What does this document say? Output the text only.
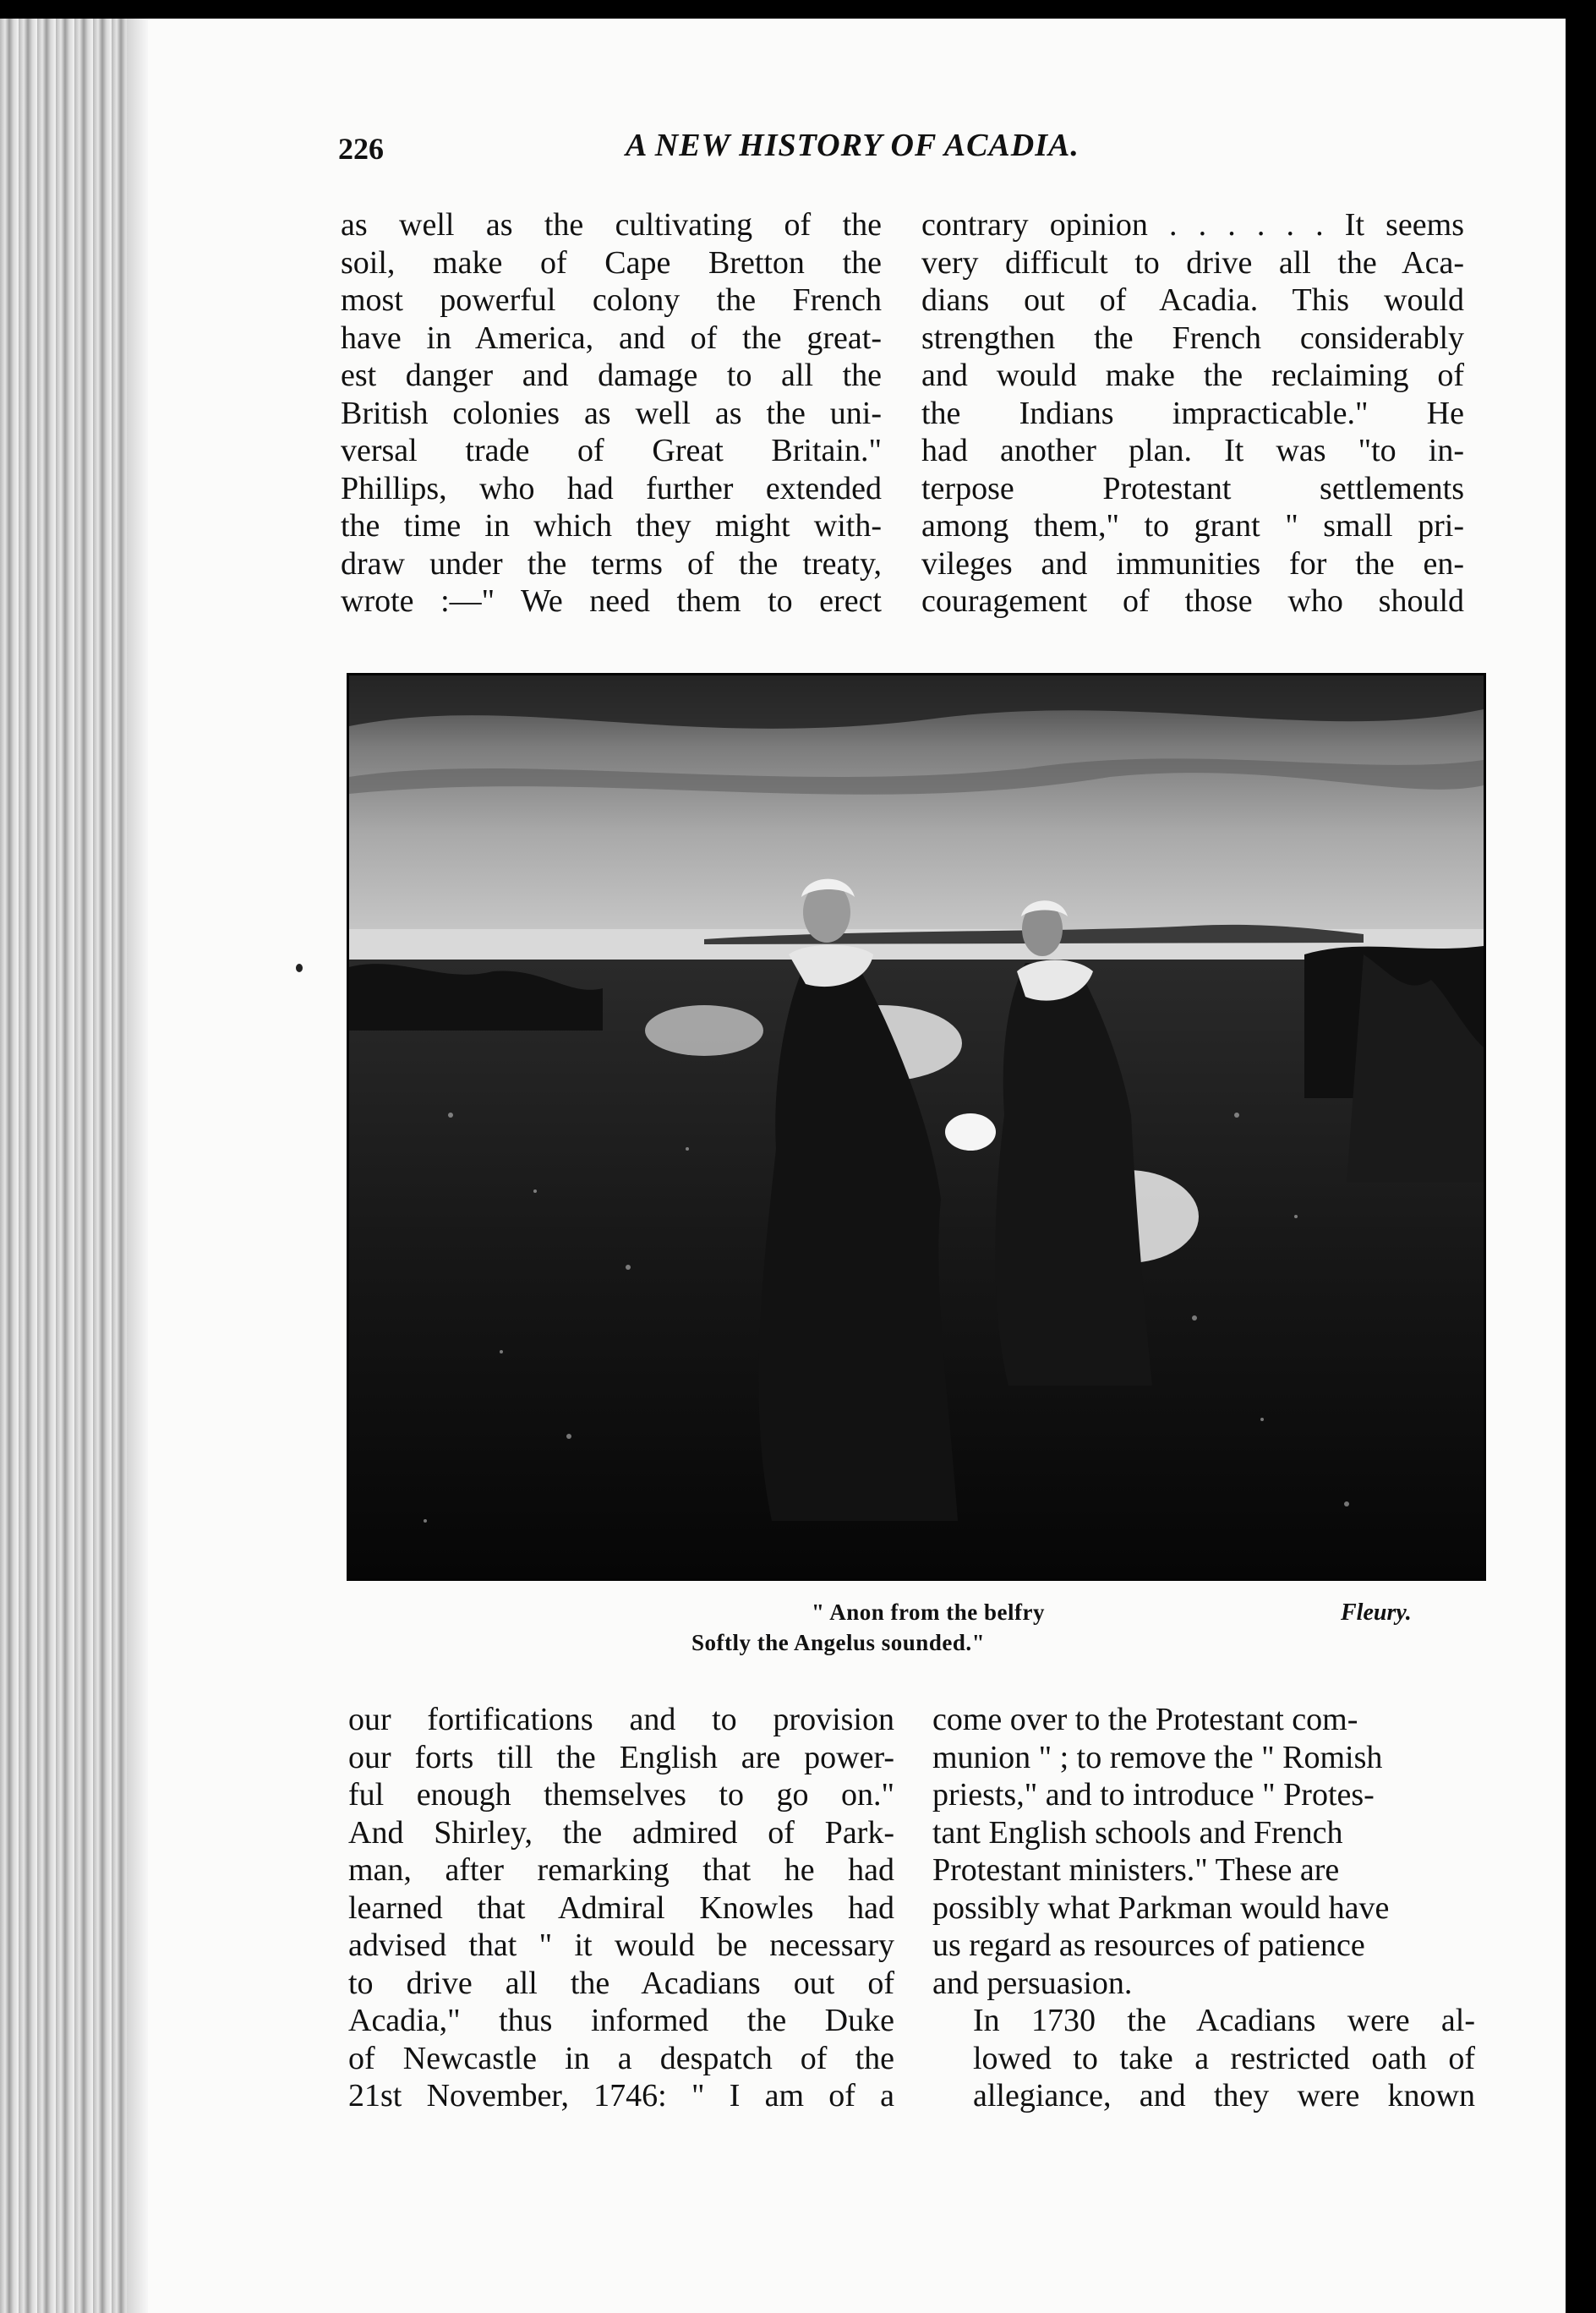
226	A NEW HISTORY OF ACADIA.

as well as the cultivating of the
soil, make of Cape Bretton the
most powerful colony the French
have in America, and of the great-
est danger and damage to all the
British colonies as well as the uni-
versal trade of Great Britain."
Phillips, who had further extended
the time in which they might with-
draw under the terms of the treaty,
wrote :—" We need them to erect

contrary opinion . . . . . . It seems
very difficult to drive all the Aca-
dians out of Acadia. This would
strengthen the French considerably
and would make the reclaiming of
the Indians impracticable." He
had another plan. It was "to in-
terpose Protestant settlements
among them," to grant " small pri-
vileges and immunities for the en-
couragement of those who should

" Anon from the belfry
Softly the Angelus sounded."
Fleury.

our fortifications and to provision
our forts till the English are power-
ful enough themselves to go on."
And Shirley, the admired of Park-
man, after remarking that he had
learned that Admiral Knowles had
advised that " it would be necessary
to drive all the Acadians out of
Acadia," thus informed the Duke
of Newcastle in a despatch of the
21st November, 1746: " I am of a

come over to the Protestant com-
munion " ; to remove the " Romish
priests," and to introduce " Protes-
tant English schools and French
Protestant ministers." These are
possibly what Parkman would have
us regard as resources of patience
and persuasion.

In 1730 the Acadians were al-
lowed to take a restricted oath of
allegiance, and they were known
